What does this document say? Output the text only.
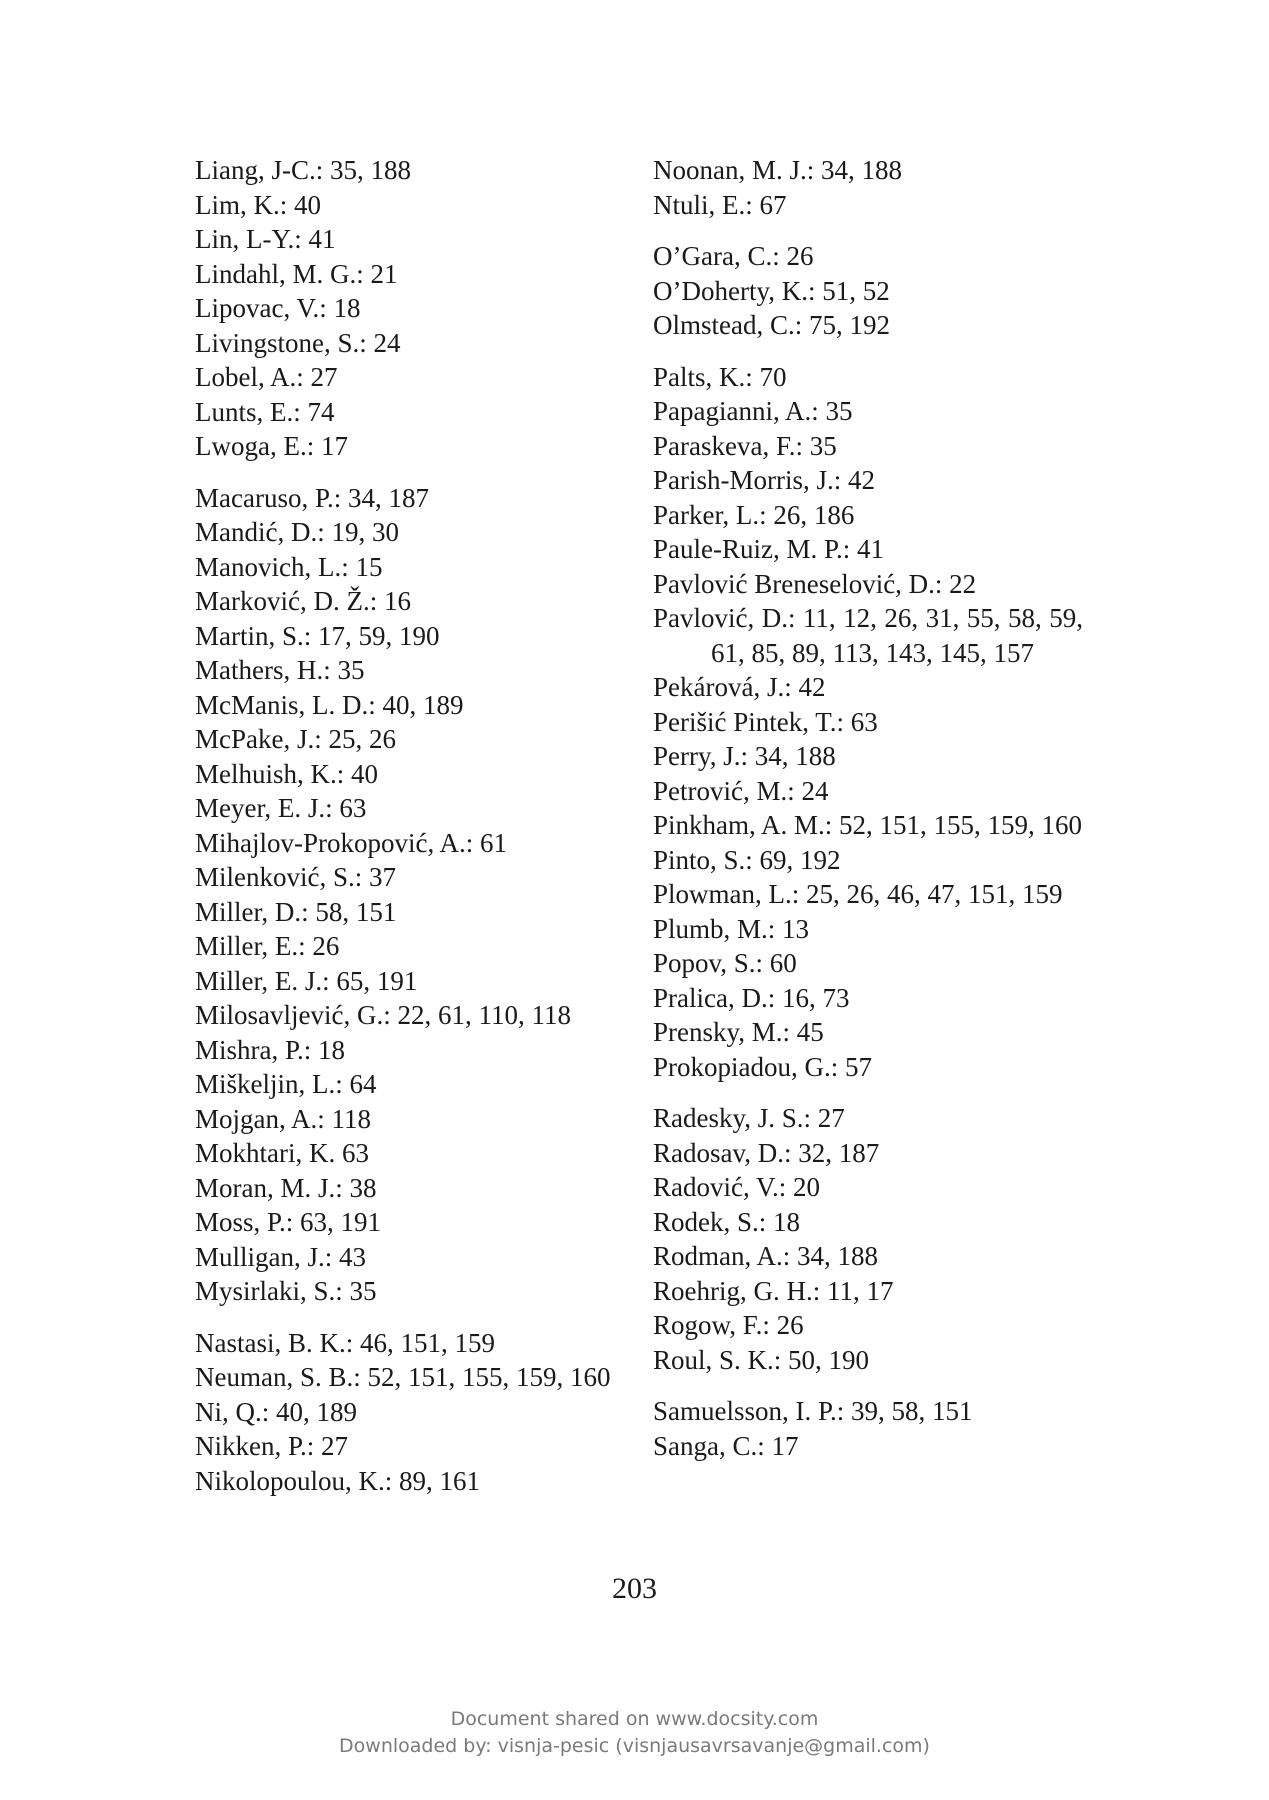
Liang, J-C.: 35, 188
Lim, K.: 40
Lin, L-Y.: 41
Lindahl, M. G.: 21
Lipovac, V.: 18
Livingstone, S.: 24
Lobel, A.: 27
Lunts, E.: 74
Lwoga, E.: 17
Macaruso, P.: 34, 187
Mandić, D.: 19, 30
Manovich, L.: 15
Marković, D. Ž.: 16
Martin, S.: 17, 59, 190
Mathers, H.: 35
McManis, L. D.: 40, 189
McPake, J.: 25, 26
Melhuish, K.: 40
Meyer, E. J.: 63
Mihajlov-Prokopović, A.: 61
Milenković, S.: 37
Miller, D.: 58, 151
Miller, E.: 26
Miller, E. J.: 65, 191
Milosavljević, G.: 22, 61, 110, 118
Mishra, P.: 18
Miškeljin, L.: 64
Mojgan, A.: 118
Mokhtari, K. 63
Moran, M. J.: 38
Moss, P.: 63, 191
Mulligan, J.: 43
Mysirlaki, S.: 35
Nastasi, B. K.: 46, 151, 159
Neuman, S. B.: 52, 151, 155, 159, 160
Ni, Q.: 40, 189
Nikken, P.: 27
Nikolopoulou, K.: 89, 161
Noonan, M. J.: 34, 188
Ntuli, E.: 67
O’Gara, C.: 26
O’Doherty, K.: 51, 52
Olmstead, C.: 75, 192
Palts, K.: 70
Papagianni, A.: 35
Paraskeva, F.: 35
Parish-Morris, J.: 42
Parker, L.: 26, 186
Paule-Ruiz, M. P.: 41
Pavlović Breneselović, D.: 22
Pavlović, D.: 11, 12, 26, 31, 55, 58, 59, 61, 85, 89, 113, 143, 145, 157
Pekárová, J.: 42
Perišić Pintek, T.: 63
Perry, J.: 34, 188
Petrović, M.: 24
Pinkham, A. M.: 52, 151, 155, 159, 160
Pinto, S.: 69, 192
Plowman, L.: 25, 26, 46, 47, 151, 159
Plumb, M.: 13
Popov, S.: 60
Pralica, D.: 16, 73
Prensky, M.: 45
Prokopiadou, G.: 57
Radesky, J. S.: 27
Radosav, D.: 32, 187
Radović, V.: 20
Rodek, S.: 18
Rodman, A.: 34, 188
Roehrig, G. H.: 11, 17
Rogow, F.: 26
Roul, S. K.: 50, 190
Samuelsson, I. P.: 39, 58, 151
Sanga, C.: 17
203
Document shared on www.docsity.com
Downloaded by: visnja-pesic (visnjausavrsavanje@gmail.com)
